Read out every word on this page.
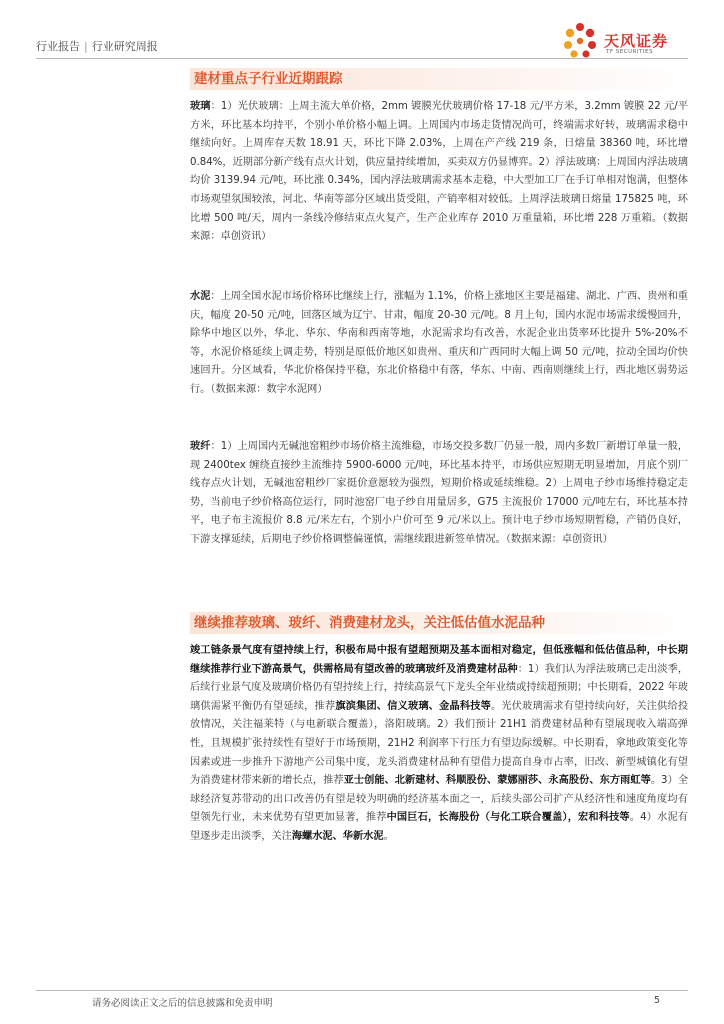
行业报告 | 行业研究周报	天风证券
TF SECURITIES
建材重点子行业近期跟踪
玻璃：1）光伏玻璃：上周主流大单价格，2mm 镀膜光伏玻璃价格 17-18 元/平方米，3.2mm 镀膜 22 元/平方米，环比基本均持平，个别小单价格小幅上调。上周国内市场走货情况尚可，终端需求好转，玻璃需求稳中继续向好。上周库存天数 18.91 天，环比下降 2.03%，上周在产产线 219 条，日熔量 38360 吨，环比增 0.84%，近期部分新产线有点火计划，供应量持续增加，买卖双方仍显博弈。2）浮法玻璃：上周国内浮法玻璃均价 3139.94 元/吨，环比涨 0.34%，国内浮法玻璃需求基本走稳，中大型加工厂在手订单相对饱满，但整体市场观望氛围较浓，河北、华南等部分区域出货受阻，产销率相对较低。上周浮法玻璃日熔量 175825 吨，环比增 500 吨/天，周内一条线冷修结束点火复产，生产企业库存 2010 万重量箱，环比增 228 万重箱。（数据来源：卓创资讯）
水泥：上周全国水泥市场价格环比继续上行，涨幅为 1.1%，价格上涨地区主要是福建、湖北、广西、贵州和重庆，幅度 20-50 元/吨，回落区域为辽宁、甘肃，幅度 20-30 元/吨。8 月上旬，国内水泥市场需求缓慢回升，除华中地区以外，华北、华东、华南和西南等地，水泥需求均有改善，水泥企业出货率环比提升 5%-20%不等，水泥价格延续上调走势，特别是原低价地区如贵州、重庆和广西同时大幅上调 50 元/吨，拉动全国均价快速回升。分区域看，华北价格保持平稳，东北价格稳中有落，华东、中南、西南则继续上行，西北地区弱势运行。（数据来源：数字水泥网）
玻纤：1）上周国内无碱池窑粗纱市场价格主流维稳，市场交投多数厂仍显一般，周内多数厂新增订单量一般，现 2400tex 缠绕直接纱主流维持 5900-6000 元/吨，环比基本持平，市场供应短期无明显增加，月底个别厂线存点火计划，无碱池窑粗纱厂家挺价意愿较为强烈，短期价格或延续维稳。2）上周电子纱市场维持稳定走势，当前电子纱价格高位运行，同时池窑厂电子纱自用量居多，G75 主流报价 17000 元/吨左右，环比基本持平，电子布主流报价 8.8 元/米左右，个别小户价可至 9 元/米以上。预计电子纱市场短期暂稳，产销仍良好，下游支撑延续，后期电子纱价格调整偏谨慎，需继续跟进新签单情况。（数据来源：卓创资讯）
继续推荐玻璃、玻纤、消费建材龙头，关注低估值水泥品种
竣工链条景气度有望持续上行，积极布局中报有望超预期及基本面相对稳定，但低涨幅和低估值品种，中长期继续推荐行业下游高景气，供需格局有望改善的玻璃玻纤及消费建材品种：1）我们认为浮法玻璃已走出淡季，后续行业景气度及玻璃价格仍有望持续上行，持续高景气下龙头全年业绩或持续超预期；中长期看，2022 年玻璃供需紧平衡仍有望延续，推荐旗滨集团、信义玻璃、金晶科技等。光伏玻璃需求有望持续向好，关注供给投放情况，关注福莱特（与电新联合覆盖），洛阳玻璃。2）我们预计 21H1 消费建材品种有望展现收入端高弹性，且规模扩张持续性有望好于市场预期，21H2 利润率下行压力有望边际缓解。中长期看，拿地政策变化等因素或进一步推升下游地产公司集中度，龙头消费建材品种有望借力提高自身市占率，旧改、新型城镇化有望为消费建材带来新的增长点，推荐亚士创能、北新建材、科顺股份、蒙娜丽莎、永高股份、东方雨虹等。3）全球经济复苏带动的出口改善仍有望是较为明确的经济基本面之一，后续头部公司扩产从经济性和速度角度均有望领先行业，未来优势有望更加显著，推荐中国巨石，长海股份（与化工联合覆盖），宏和科技等。4）水泥有望逐步走出淡季，关注海螺水泥、华新水泥。
请务必阅读正文之后的信息披露和免责申明	5
